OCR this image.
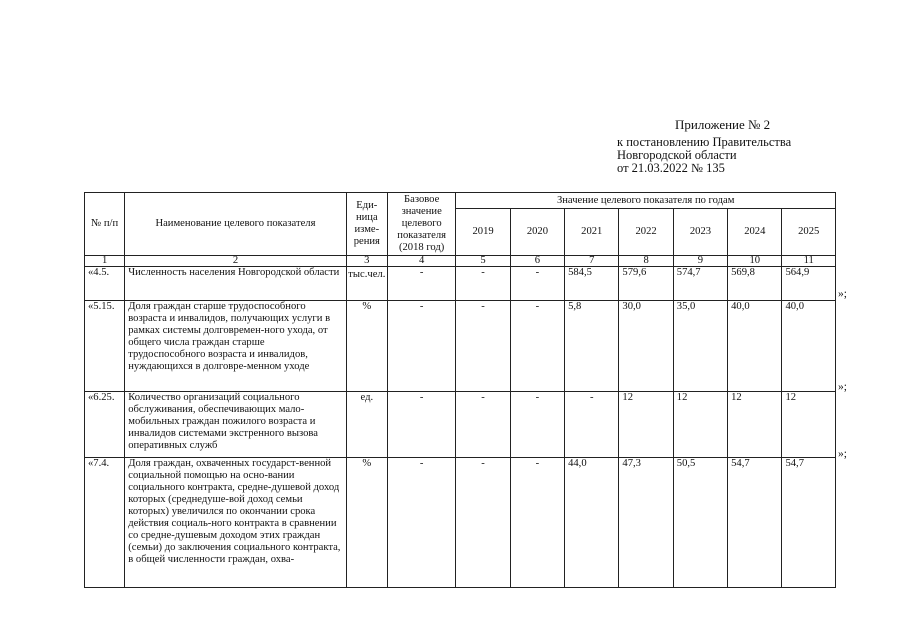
Приложение № 2
к постановлению Правительства
Новгородской области
от 21.03.2022 № 135
№ п/п	Наименование целевого показателя	Еди-ница изме-рения	Базовое значение целевого показателя (2018 год)	Значение целевого показателя по годам						
				2019	2020	2021	2022	2023	2024	2025
1	2	3	4	5	6	7	8	9	10	11
«4.5.	Численность населения Новгородской области	тыс.чел.	-	-	-	584,5	579,6	574,7	569,8	564,9
«5.15.	Доля граждан старше трудоспособного возраста и инвалидов, получающих услуги в рамках системы долговремен-ного ухода, от общего числа граждан старше трудоспособного возраста и инвалидов, нуждающихся в долговре-менном уходе	%	-	-	-	5,8	30,0	35,0	40,0	40,0
«6.25.	Количество организаций социального обслуживания, обеспечивающих мало-мобильных граждан пожилого возраста и инвалидов системами экстренного вызова оперативных служб	ед.	-	-	-	-	12	12	12	12
«7.4.	Доля граждан, охваченных государст-венной социальной помощью на осно-вании социального контракта, средне-душевой доход которых (среднедуше-вой доход семьи которых) увеличился по окончании срока действия социаль-ного контракта в сравнении со средне-душевым доходом этих граждан (семьи) до заключения социального контракта, в общей численности граждан, охва-	%	-	-	-	44,0	47,3	50,5	54,7	54,7
»;
»;
»;
